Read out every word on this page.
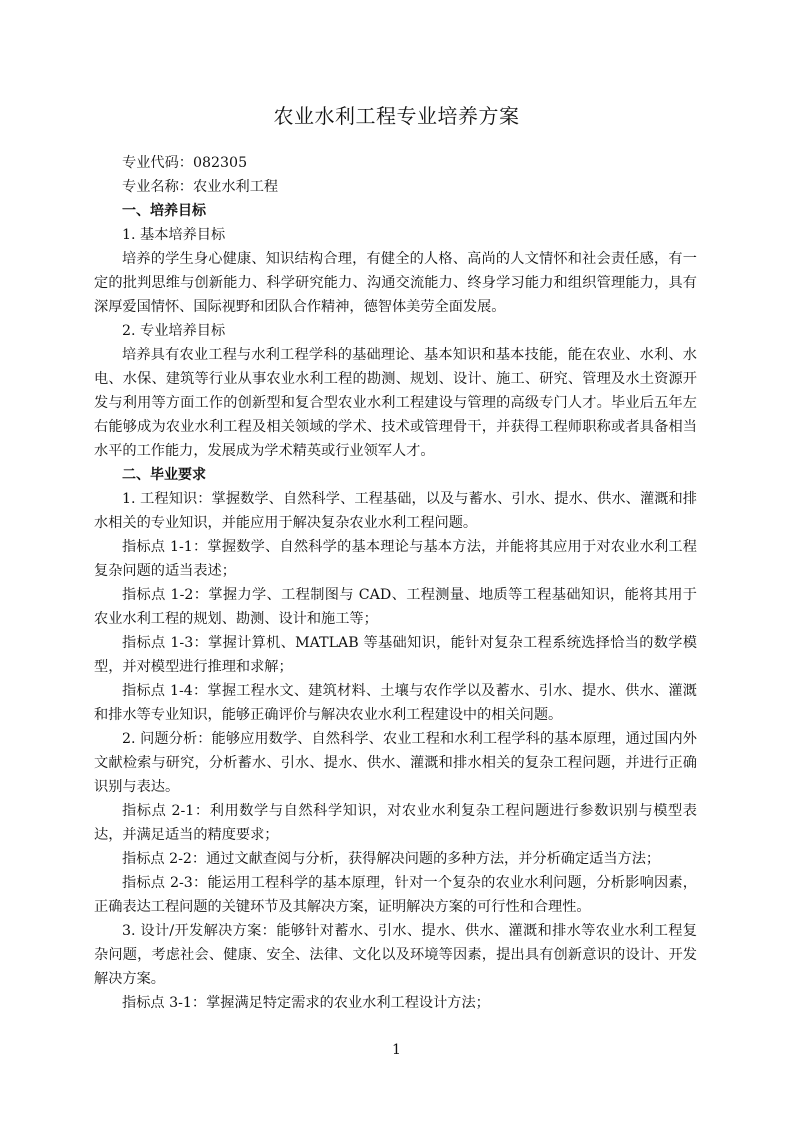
农业水利工程专业培养方案

专业代码：082305

专业名称：农业水利工程

一、培养目标

1. 基本培养目标

培养的学生身心健康、知识结构合理，有健全的人格、高尚的人文情怀和社会责任感，有一定的批判思维与创新能力、科学研究能力、沟通交流能力、终身学习能力和组织管理能力，具有深厚爱国情怀、国际视野和团队合作精神，德智体美劳全面发展。

2. 专业培养目标

培养具有农业工程与水利工程学科的基础理论、基本知识和基本技能，能在农业、水利、水电、水保、建筑等行业从事农业水利工程的勘测、规划、设计、施工、研究、管理及水土资源开发与利用等方面工作的创新型和复合型农业水利工程建设与管理的高级专门人才。毕业后五年左右能够成为农业水利工程及相关领域的学术、技术或管理骨干，并获得工程师职称或者具备相当水平的工作能力，发展成为学术精英或行业领军人才。

二、毕业要求

1. 工程知识：掌握数学、自然科学、工程基础，以及与蓄水、引水、提水、供水、灌溉和排水相关的专业知识，并能应用于解决复杂农业水利工程问题。

指标点 1-1：掌握数学、自然科学的基本理论与基本方法，并能将其应用于对农业水利工程复杂问题的适当表述；

指标点 1-2：掌握力学、工程制图与 CAD、工程测量、地质等工程基础知识，能将其用于农业水利工程的规划、勘测、设计和施工等；

指标点 1-3：掌握计算机、MATLAB 等基础知识，能针对复杂工程系统选择恰当的数学模型，并对模型进行推理和求解；

指标点 1-4：掌握工程水文、建筑材料、土壤与农作学以及蓄水、引水、提水、供水、灌溉和排水等专业知识，能够正确评价与解决农业水利工程建设中的相关问题。

2. 问题分析：能够应用数学、自然科学、农业工程和水利工程学科的基本原理，通过国内外文献检索与研究，分析蓄水、引水、提水、供水、灌溉和排水相关的复杂工程问题，并进行正确识别与表达。

指标点 2-1：利用数学与自然科学知识，对农业水利复杂工程问题进行参数识别与模型表达，并满足适当的精度要求；

指标点 2-2：通过文献查阅与分析，获得解决问题的多种方法，并分析确定适当方法；

指标点 2-3：能运用工程科学的基本原理，针对一个复杂的农业水利问题，分析影响因素，正确表达工程问题的关键环节及其解决方案，证明解决方案的可行性和合理性。

3. 设计/开发解决方案：能够针对蓄水、引水、提水、供水、灌溉和排水等农业水利工程复杂问题，考虑社会、健康、安全、法律、文化以及环境等因素，提出具有创新意识的设计、开发解决方案。

指标点 3-1：掌握满足特定需求的农业水利工程设计方法；

1
